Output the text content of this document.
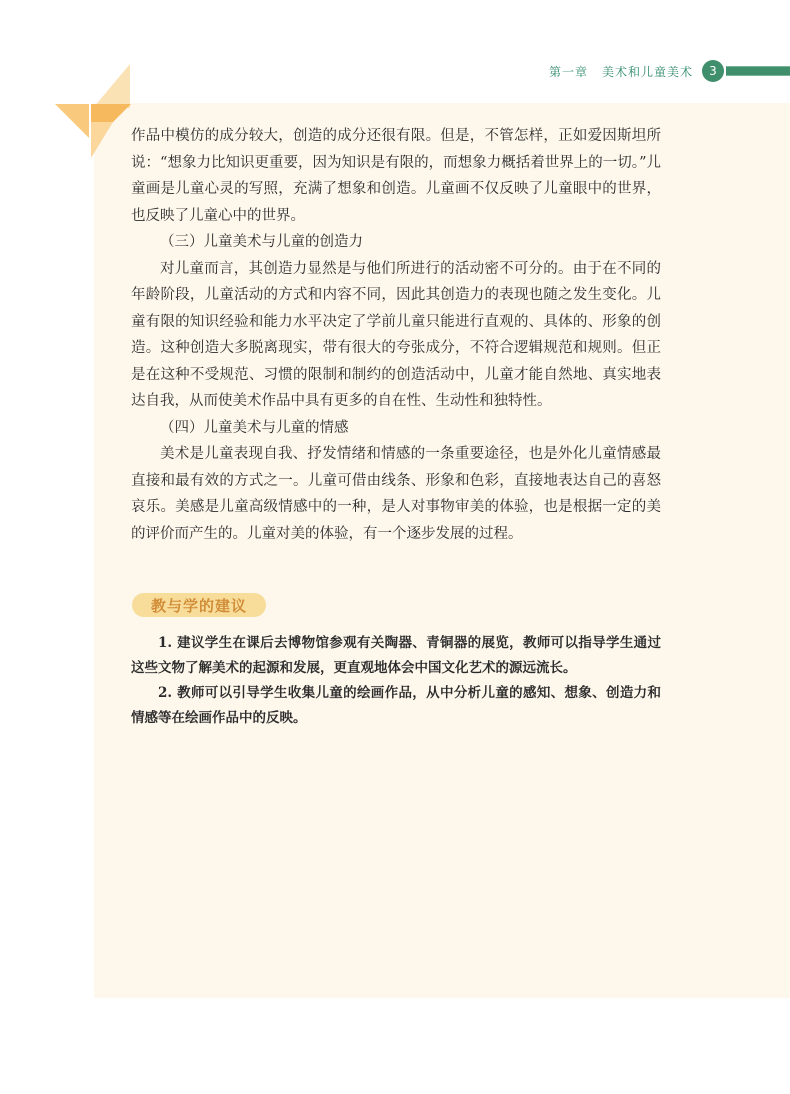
第一章 美术和儿童美术	3

作品中模仿的成分较大，创造的成分还很有限。但是，不管怎样，正如爱因斯坦所说：“想象力比知识更重要，因为知识是有限的，而想象力概括着世界上的一切。”儿童画是儿童心灵的写照，充满了想象和创造。儿童画不仅反映了儿童眼中的世界，也反映了儿童心中的世界。

（三）儿童美术与儿童的创造力

对儿童而言，其创造力显然是与他们所进行的活动密不可分的。由于在不同的年龄阶段，儿童活动的方式和内容不同，因此其创造力的表现也随之发生变化。儿童有限的知识经验和能力水平决定了学前儿童只能进行直观的、具体的、形象的创造。这种创造大多脱离现实，带有很大的夸张成分，不符合逻辑规范和规则。但正是在这种不受规范、习惯的限制和制约的创造活动中，儿童才能自然地、真实地表达自我，从而使美术作品中具有更多的自在性、生动性和独特性。

（四）儿童美术与儿童的情感

美术是儿童表现自我、抒发情绪和情感的一条重要途径，也是外化儿童情感最直接和最有效的方式之一。儿童可借由线条、形象和色彩，直接地表达自己的喜怒哀乐。美感是儿童高级情感中的一种，是人对事物审美的体验，也是根据一定的美的评价而产生的。儿童对美的体验，有一个逐步发展的过程。

教与学的建议

1. 建议学生在课后去博物馆参观有关陶器、青铜器的展览，教师可以指导学生通过这些文物了解美术的起源和发展，更直观地体会中国文化艺术的源远流长。

2. 教师可以引导学生收集儿童的绘画作品，从中分析儿童的感知、想象、创造力和情感等在绘画作品中的反映。
